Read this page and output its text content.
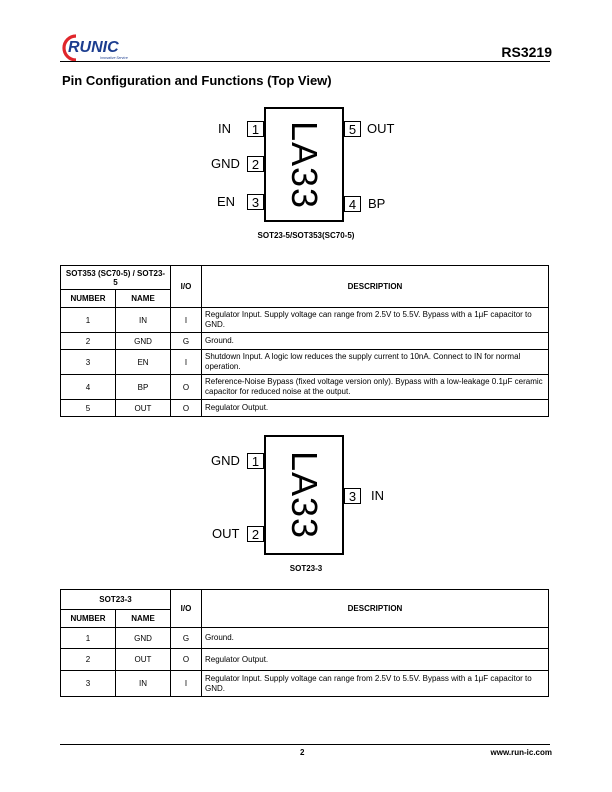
RUNIC
Innovative Service	RS3219
Pin Configuration and Functions (Top View)
LA33
IN	1
GND 2
EN	3
5 OUT
4 BP
SOT23-5/SOT353(SC70-5)
SOT353 (SC70-5) / SOT23-5		I/O	DESCRIPTION
NUMBER	NAME		
1	IN	I	Regulator Input. Supply voltage can range from 2.5V to 5.5V. Bypass with a 1μF capacitor to GND.
2	GND	G	Ground.
3	EN	I	Shutdown Input. A logic low reduces the supply current to 10nA. Connect to IN for normal operation.
4	BP	O	Reference-Noise Bypass (fixed voltage version only). Bypass with a low-leakage 0.1μF ceramic capacitor for reduced noise at the output.
5	OUT	O	Regulator Output.
LA33
GND 1
OUT 2
3	IN
SOT23-3
SOT23-3		I/O	DESCRIPTION
NUMBER	NAME		
1	GND	G	Ground.
2	OUT	O	Regulator Output.
3	IN	I	Regulator Input. Supply voltage can range from 2.5V to 5.5V. Bypass with a 1μF capacitor to GND.
2	www.run-ic.com
